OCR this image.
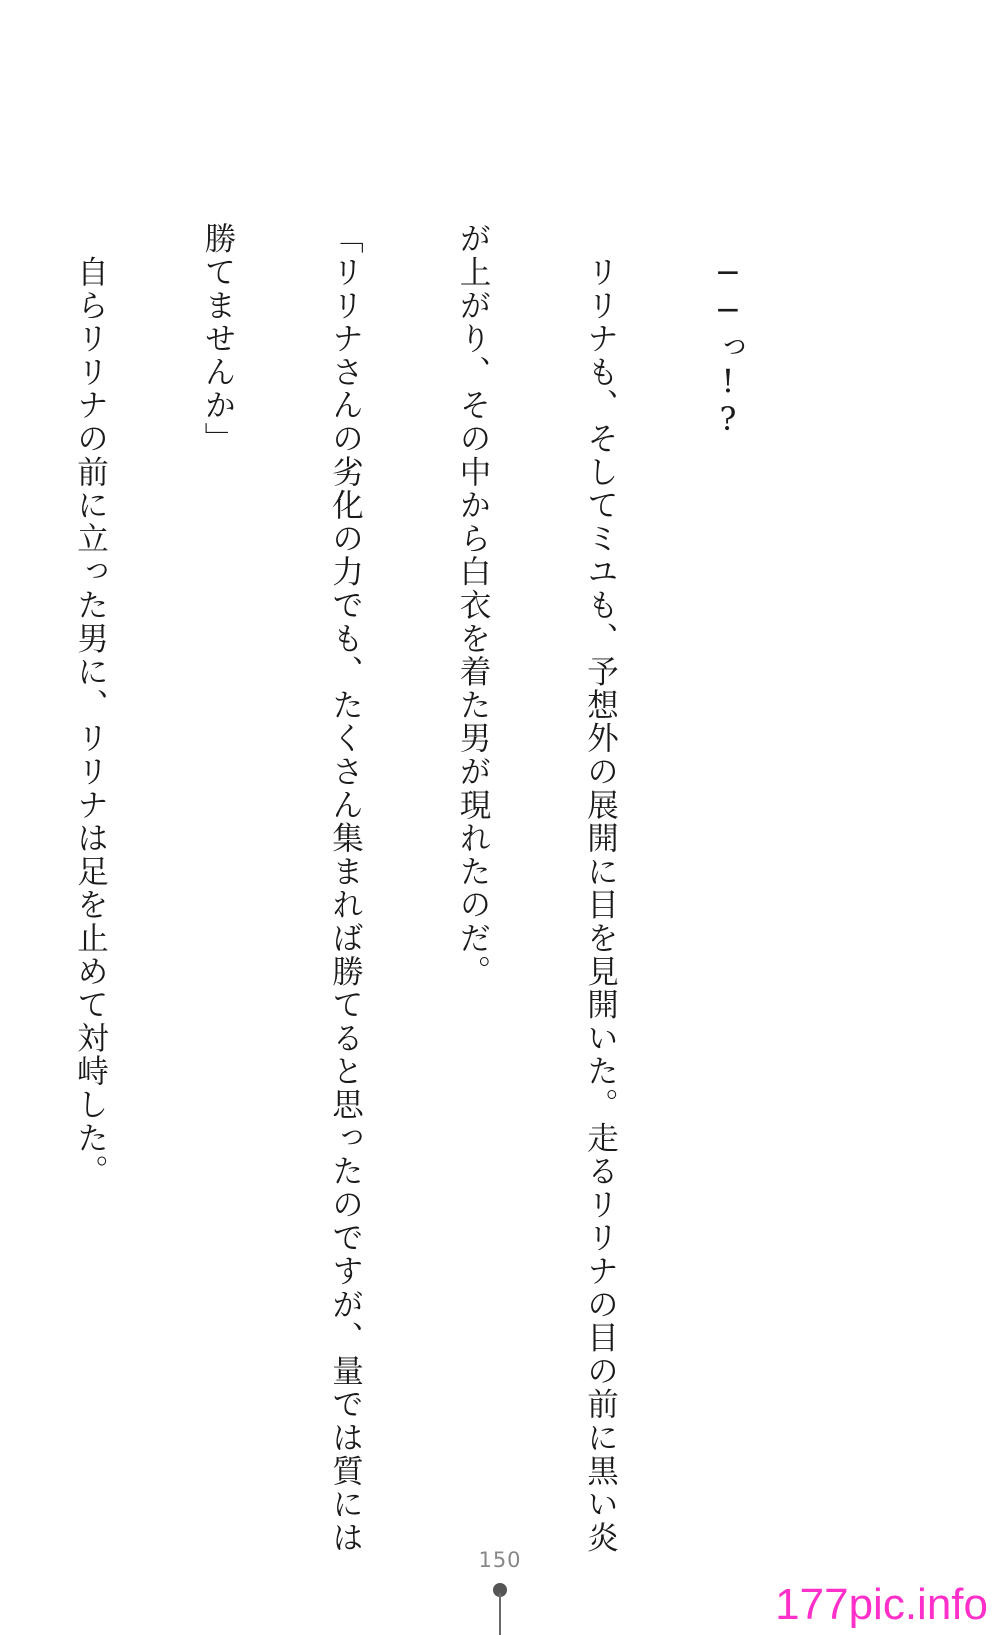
　──っ!?

　リリナも、そしてミユも、予想外の展開に目を見開いた。走るリリナの目の前に黒い炎

が上がり、その中から白衣を着た男が現れたのだ。

「リリナさんの劣化の力でも、たくさん集まれば勝てると思ったのですが、量では質には

勝てませんか」

　自らリリナの前に立った男に、リリナは足を止めて対峙した。

150
177pic.info
